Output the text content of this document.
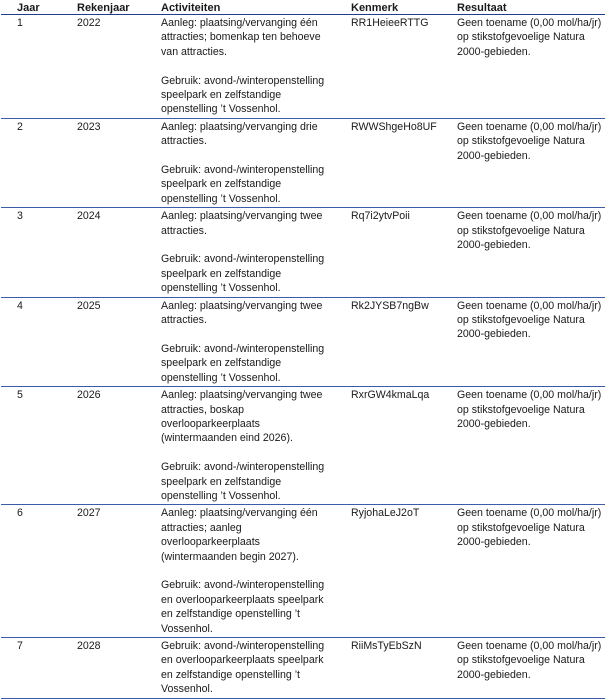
Jaar	Rekenjaar	Activiteiten	Kenmerk	Resultaat
1	2022	Aanleg: plaatsing/vervanging één attracties; bomenkap ten behoeve van attracties.
Gebruik: avond-/winteropenstelling speelpark en zelfstandige openstelling ’t Vossenhol.	RR1HeieeRTTG	Geen toename (0,00 mol/ha/jr) op stikstofgevoelige Natura 2000-gebieden.
2	2023	Aanleg: plaatsing/vervanging drie attracties.
Gebruik: avond-/winteropenstelling speelpark en zelfstandige openstelling ’t Vossenhol.	RWWShgeHo8UF	Geen toename (0,00 mol/ha/jr) op stikstofgevoelige Natura 2000-gebieden.
3	2024	Aanleg: plaatsing/vervanging twee attracties.
Gebruik: avond-/winteropenstelling speelpark en zelfstandige openstelling ’t Vossenhol.	Rq7i2ytvPoii	Geen toename (0,00 mol/ha/jr) op stikstofgevoelige Natura 2000-gebieden.
4	2025	Aanleg: plaatsing/vervanging twee attracties.
Gebruik: avond-/winteropenstelling speelpark en zelfstandige openstelling ’t Vossenhol.	Rk2JYSB7ngBw	Geen toename (0,00 mol/ha/jr) op stikstofgevoelige Natura 2000-gebieden.
5	2026	Aanleg: plaatsing/vervanging twee attracties, boskap overlooparkeerplaats (wintermaanden eind 2026).
Gebruik: avond-/winteropenstelling speelpark en zelfstandige openstelling ’t Vossenhol.	RxrGW4kmaLqa	Geen toename (0,00 mol/ha/jr) op stikstofgevoelige Natura 2000-gebieden.
6	2027	Aanleg: plaatsing/vervanging één attracties; aanleg overlooparkeerplaats (wintermaanden begin 2027).
Gebruik: avond-/winteropenstelling en overlooparkeerplaats speelpark en zelfstandige openstelling ’t Vossenhol.	RyjohaLeJ2oT	Geen toename (0,00 mol/ha/jr) op stikstofgevoelige Natura 2000-gebieden.
7	2028	Gebruik: avond-/winteropenstelling en overlooparkeerplaats speelpark en zelfstandige openstelling ’t Vossenhol.	RiiMsTyEbSzN	Geen toename (0,00 mol/ha/jr) op stikstofgevoelige Natura 2000-gebieden.
